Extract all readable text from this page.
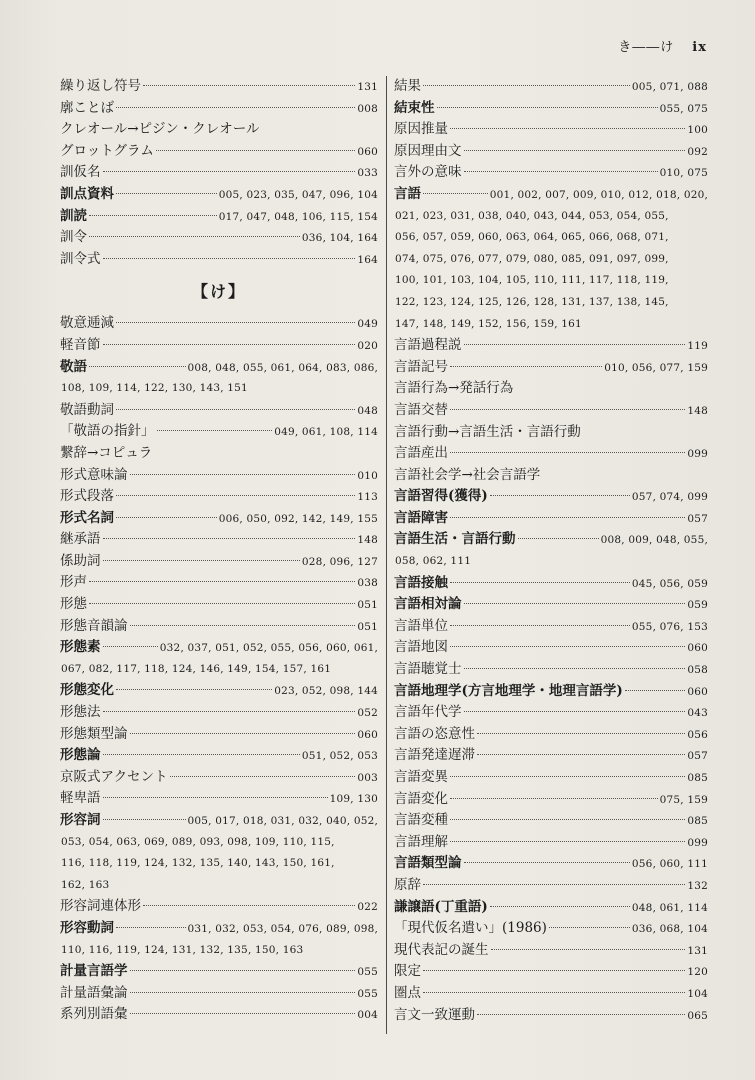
き――け ix
繰り返し符号	131
廓ことば	008
クレオール→ピジン・クレオール
グロットグラム	060
訓仮名	033
訓点資料	005, 023, 035, 047, 096, 104
訓読	017, 047, 048, 106, 115, 154
訓令	036, 104, 164
訓令式	164
【け】
敬意逓減	049
軽音節	020
敬語	008, 048, 055, 061, 064, 083, 086,
108, 109, 114, 122, 130, 143, 151
敬語動詞	048
「敬語の指針」	049, 061, 108, 114
繋辞→コピュラ
形式意味論	010
形式段落	113
形式名詞	006, 050, 092, 142, 149, 155
継承語	148
係助詞	028, 096, 127
形声	038
形態	051
形態音韻論	051
形態素	032, 037, 051, 052, 055, 056, 060, 061,
067, 082, 117, 118, 124, 146, 149, 154, 157, 161
形態変化	023, 052, 098, 144
形態法	052
形態類型論	060
形態論	051, 052, 053
京阪式アクセント	003
軽卑語	109, 130
形容詞	005, 017, 018, 031, 032, 040, 052,
053, 054, 063, 069, 089, 093, 098, 109, 110, 115,
116, 118, 119, 124, 132, 135, 140, 143, 150, 161,
162, 163
形容詞連体形	022
形容動詞	031, 032, 053, 054, 076, 089, 098,
110, 116, 119, 124, 131, 132, 135, 150, 163
計量言語学	055
計量語彙論	055
系列別語彙	004
結果	005, 071, 088
結束性	055, 075
原因推量	100
原因理由文	092
言外の意味	010, 075
言語	001, 002, 007, 009, 010, 012, 018, 020,
021, 023, 031, 038, 040, 043, 044, 053, 054, 055,
056, 057, 059, 060, 063, 064, 065, 066, 068, 071,
074, 075, 076, 077, 079, 080, 085, 091, 097, 099,
100, 101, 103, 104, 105, 110, 111, 117, 118, 119,
122, 123, 124, 125, 126, 128, 131, 137, 138, 145,
147, 148, 149, 152, 156, 159, 161
言語過程説	119
言語記号	010, 056, 077, 159
言語行為→発話行為
言語交替	148
言語行動→言語生活・言語行動
言語産出	099
言語社会学→社会言語学
言語習得(獲得)	057, 074, 099
言語障害	057
言語生活・言語行動	008, 009, 048, 055,
058, 062, 111
言語接触	045, 056, 059
言語相対論	059
言語単位	055, 076, 153
言語地図	060
言語聴覚士	058
言語地理学(方言地理学・地理言語学)	060
言語年代学	043
言語の恣意性	056
言語発達遅滞	057
言語変異	085
言語変化	075, 159
言語変種	085
言語理解	099
言語類型論	056, 060, 111
原辞	132
謙譲語(丁重語)	048, 061, 114
「現代仮名遣い」(1986)	036, 068, 104
現代表記の誕生	131
限定	120
圏点	104
言文一致運動	065
